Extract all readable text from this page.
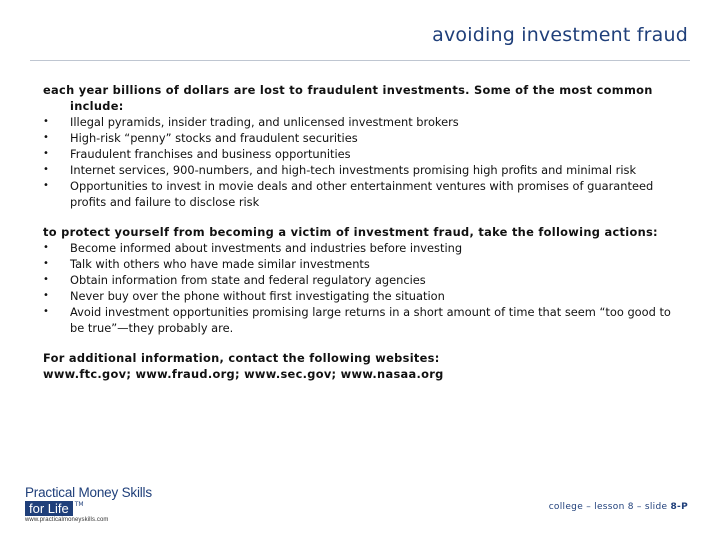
avoiding investment fraud

each year billions of dollars are lost to fraudulent investments. Some of the most common include:

• Illegal pyramids, insider trading, and unlicensed investment brokers
• High-risk “penny” stocks and fraudulent securities
• Fraudulent franchises and business opportunities
• Internet services, 900-numbers, and high-tech investments promising high profits and minimal risk
• Opportunities to invest in movie deals and other entertainment ventures with promises of guaranteed profits and failure to disclose risk

to protect yourself from becoming a victim of investment fraud, take the following actions:

• Become informed about investments and industries before investing
• Talk with others who have made similar investments
• Obtain information from state and federal regulatory agencies
• Never buy over the phone without first investigating the situation
• Avoid investment opportunities promising large returns in a short amount of time that seem “too good to be true”—they probably are.

For additional information, contact the following websites:

www.ftc.gov; www.fraud.org; www.sec.gov; www.nasaa.org

Practical Money Skills
for Life	TM
www.practicalmoneyskills.com
college – lesson 8 – slide 8-P
